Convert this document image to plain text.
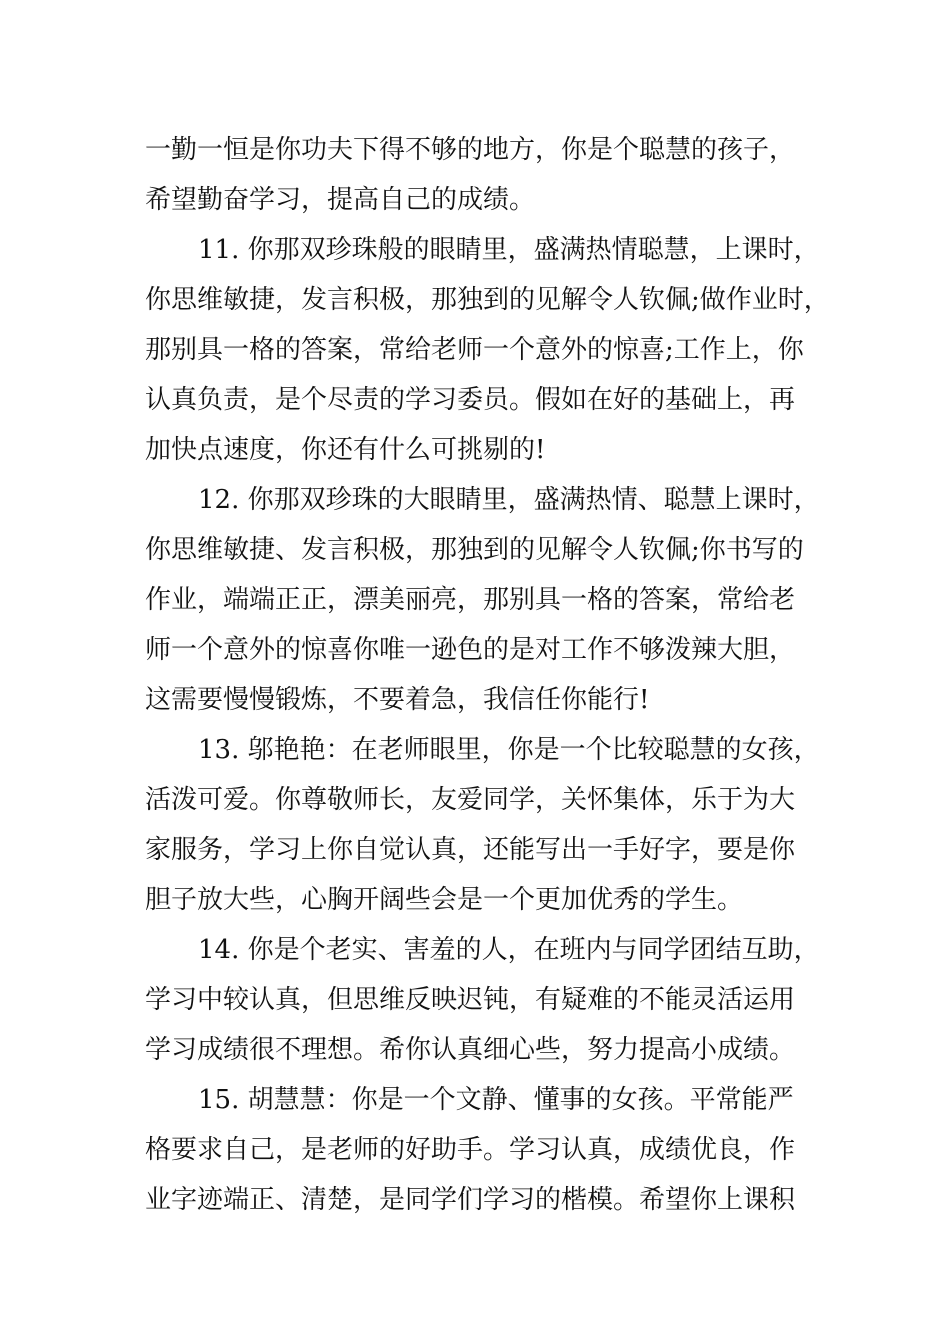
一勤一恒是你功夫下得不够的地方，你是个聪慧的孩子，
希望勤奋学习，提高自己的成绩。
11. 你那双珍珠般的眼睛里，盛满热情聪慧，上课时，
你思维敏捷，发言积极，那独到的见解令人钦佩;做作业时，
那别具一格的答案，常给老师一个意外的惊喜;工作上，你
认真负责，是个尽责的学习委员。假如在好的基础上，再
加快点速度，你还有什么可挑剔的!
12. 你那双珍珠的大眼睛里，盛满热情、聪慧上课时，
你思维敏捷、发言积极，那独到的见解令人钦佩;你书写的
作业，端端正正，漂美丽亮，那别具一格的答案，常给老
师一个意外的惊喜你唯一逊色的是对工作不够泼辣大胆，
这需要慢慢锻炼，不要着急，我信任你能行!
13. 邬艳艳：在老师眼里，你是一个比较聪慧的女孩，
活泼可爱。你尊敬师长，友爱同学，关怀集体，乐于为大
家服务，学习上你自觉认真，还能写出一手好字，要是你
胆子放大些，心胸开阔些会是一个更加优秀的学生。
14. 你是个老实、害羞的人，在班内与同学团结互助，
学习中较认真，但思维反映迟钝，有疑难的不能灵活运用
学习成绩很不理想。希你认真细心些，努力提高小成绩。
15. 胡慧慧：你是一个文静、懂事的女孩。平常能严
格要求自己，是老师的好助手。学习认真，成绩优良，作
业字迹端正、清楚，是同学们学习的楷模。希望你上课积
